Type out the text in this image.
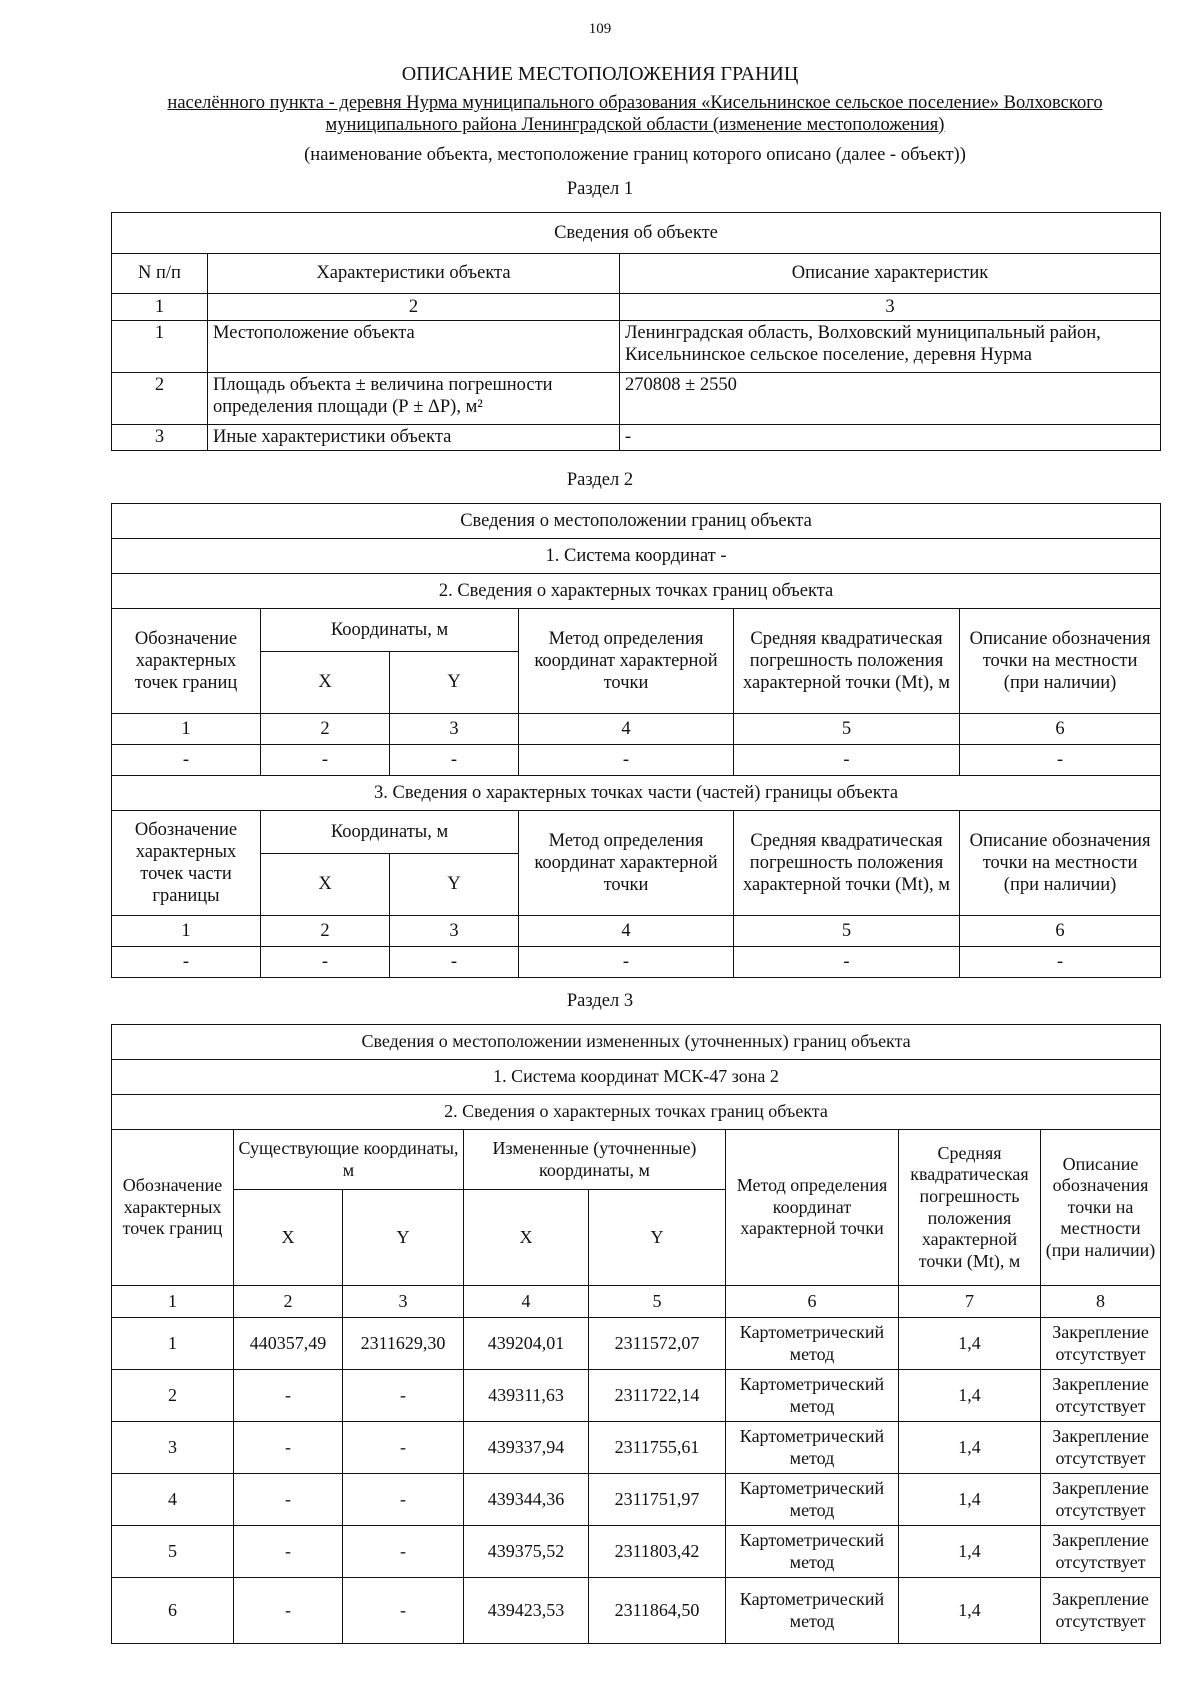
109
ОПИСАНИЕ МЕСТОПОЛОЖЕНИЯ ГРАНИЦ
населённого пункта - деревня Нурма муниципального образования «Кисельнинское сельское поселение» Волховского муниципального района Ленинградской области (изменение местоположения)
(наименование объекта, местоположение границ которого описано (далее - объект))
Раздел 1
Сведения об объекте		
N п/п	Характеристики объекта	Описание характеристик
1	2	3
1	Местоположение объекта	Ленинградская область, Волховский муниципальный район, Кисельнинское сельское поселение, деревня Нурма
2	Площадь объекта ± величина погрешности определения площади (Р ± ΔР), м²	270808 ± 2550
3	Иные характеристики объекта	-
Раздел 2
Сведения о местоположении границ объекта					
1. Система координат -					
2. Сведения о характерных точках границ объекта					
Обозначение характерных точек границ	Координаты, м		Метод определения координат характерной точки	Средняя квадратическая погрешность положения характерной точки (Mt), м	Описание обозначения точки на местности (при наличии)
	X	Y			
1	2	3	4	5	6
-	-	-	-	-	-
3. Сведения о характерных точках части (частей) границы объекта					
Обозначение характерных точек части границы	Координаты, м		Метод определения координат характерной точки	Средняя квадратическая погрешность положения характерной точки (Mt), м	Описание обозначения точки на местности (при наличии)
	X	Y			
1	2	3	4	5	6
-	-	-	-	-	-
Раздел 3
Сведения о местоположении измененных (уточненных) границ объекта							
1. Система координат МСК-47 зона 2							
2. Сведения о характерных точках границ объекта							
Обозначение характерных точек границ	Существующие координаты, м		Измененные (уточненные) координаты, м		Метод определения координат характерной точки	Средняя квадратическая погрешность положения характерной точки (Mt), м	Описание обозначения точки на местности (при наличии)
	X	Y	X	Y			
1	2	3	4	5	6	7	8
1	440357,49	2311629,30	439204,01	2311572,07	Картометрический метод	1,4	Закрепление отсутствует
2	-	-	439311,63	2311722,14	Картометрический метод	1,4	Закрепление отсутствует
3	-	-	439337,94	2311755,61	Картометрический метод	1,4	Закрепление отсутствует
4	-	-	439344,36	2311751,97	Картометрический метод	1,4	Закрепление отсутствует
5	-	-	439375,52	2311803,42	Картометрический метод	1,4	Закрепление отсутствует
6	-	-	439423,53	2311864,50	Картометрический метод	1,4	Закрепление отсутствует
